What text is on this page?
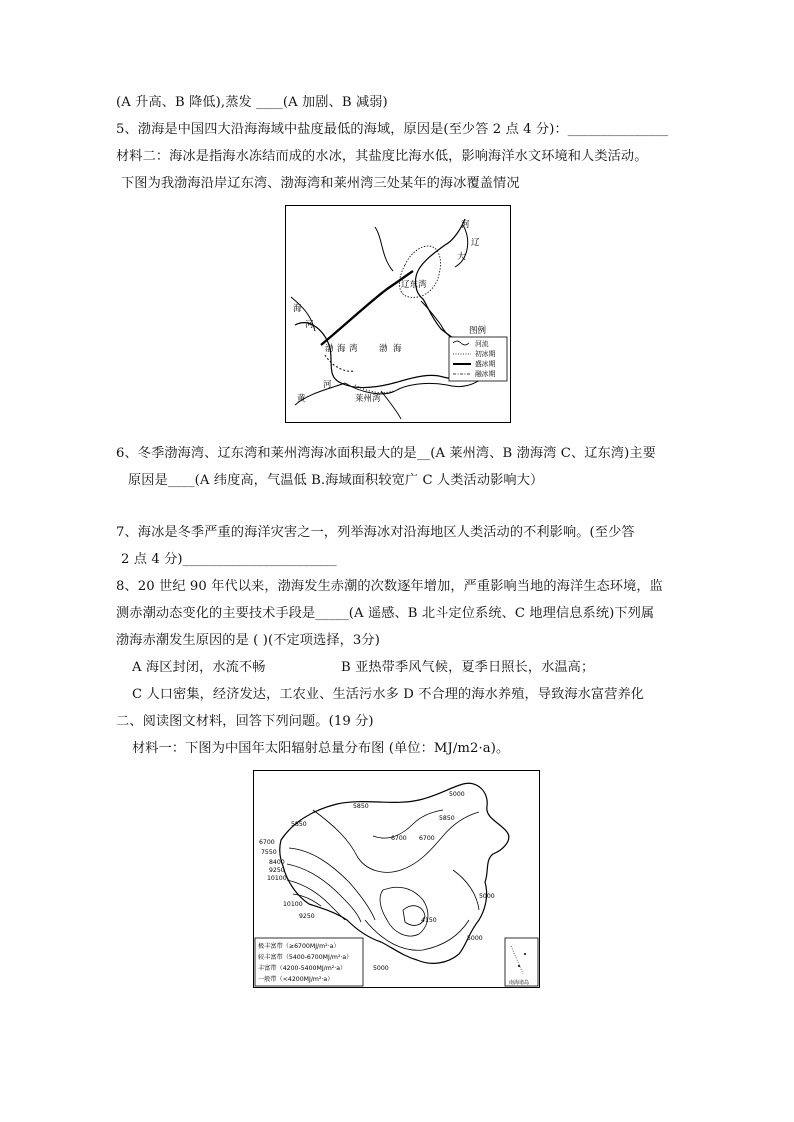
(A 升高、B 降低),蒸发 ____(A 加剧、B 减弱)
5、渤海是中国四大沿海海域中盐度最低的海域，原因是(至少答 2 点 4 分)：_______________
材料二：海冰是指海水冻结而成的水冰，其盐度比海水低，影响海洋水文环境和人类活动。
下图为我渤海沿岸辽东湾、渤海湾和莱州湾三处某年的海冰覆盖情况
河
辽
大
辽东湾
海
河
渤 海 湾	渤 海
河
黄	莱州湾
图例
河流
初冰期
盛冰期
融冰期
6、冬季渤海湾、辽东湾和莱州湾海冰面积最大的是__(A 莱州湾、B 渤海湾 C、辽东湾)主要
原因是____(A 纬度高，气温低 B.海域面积较宽广 C 人类活动影响大）
7、海冰是冬季严重的海洋灾害之一，列举海冰对沿海地区人类活动的不利影响。(至少答
2 点 4 分)_______________________
8、20 世纪 90 年代以来，渤海发生赤潮的次数逐年增加，严重影响当地的海洋生态环境，监
测赤潮动态变化的主要技术手段是_____(A 遥感、B 北斗定位系统、C 地理信息系统)下列属
渤海赤潮发生原因的是 ( )(不定项选择，3分)
A 海区封闭，水流不畅	B 亚热带季风气候，夏季日照长，水温高；
C 人口密集，经济发达，工农业、生活污水多 D 不合理的海水养殖，导致海水富营养化
二、阅读图文材料，回答下列问题。(19 分)
材料一：下图为中国年太阳辐射总量分布图 (单位：MJ/m2·a)。
5000
5850
5850
5850
6700 6700
6700
7550
8400
9250
10100
10100
9250
5000
4150
5000
5000
极丰富带（≥6700MJ/m²·a）
较丰富带（5400-6700MJ/m²·a）
丰富带（4200-5400MJ/m²·a）
一般带（<4200MJ/m²·a）	南海诸岛
